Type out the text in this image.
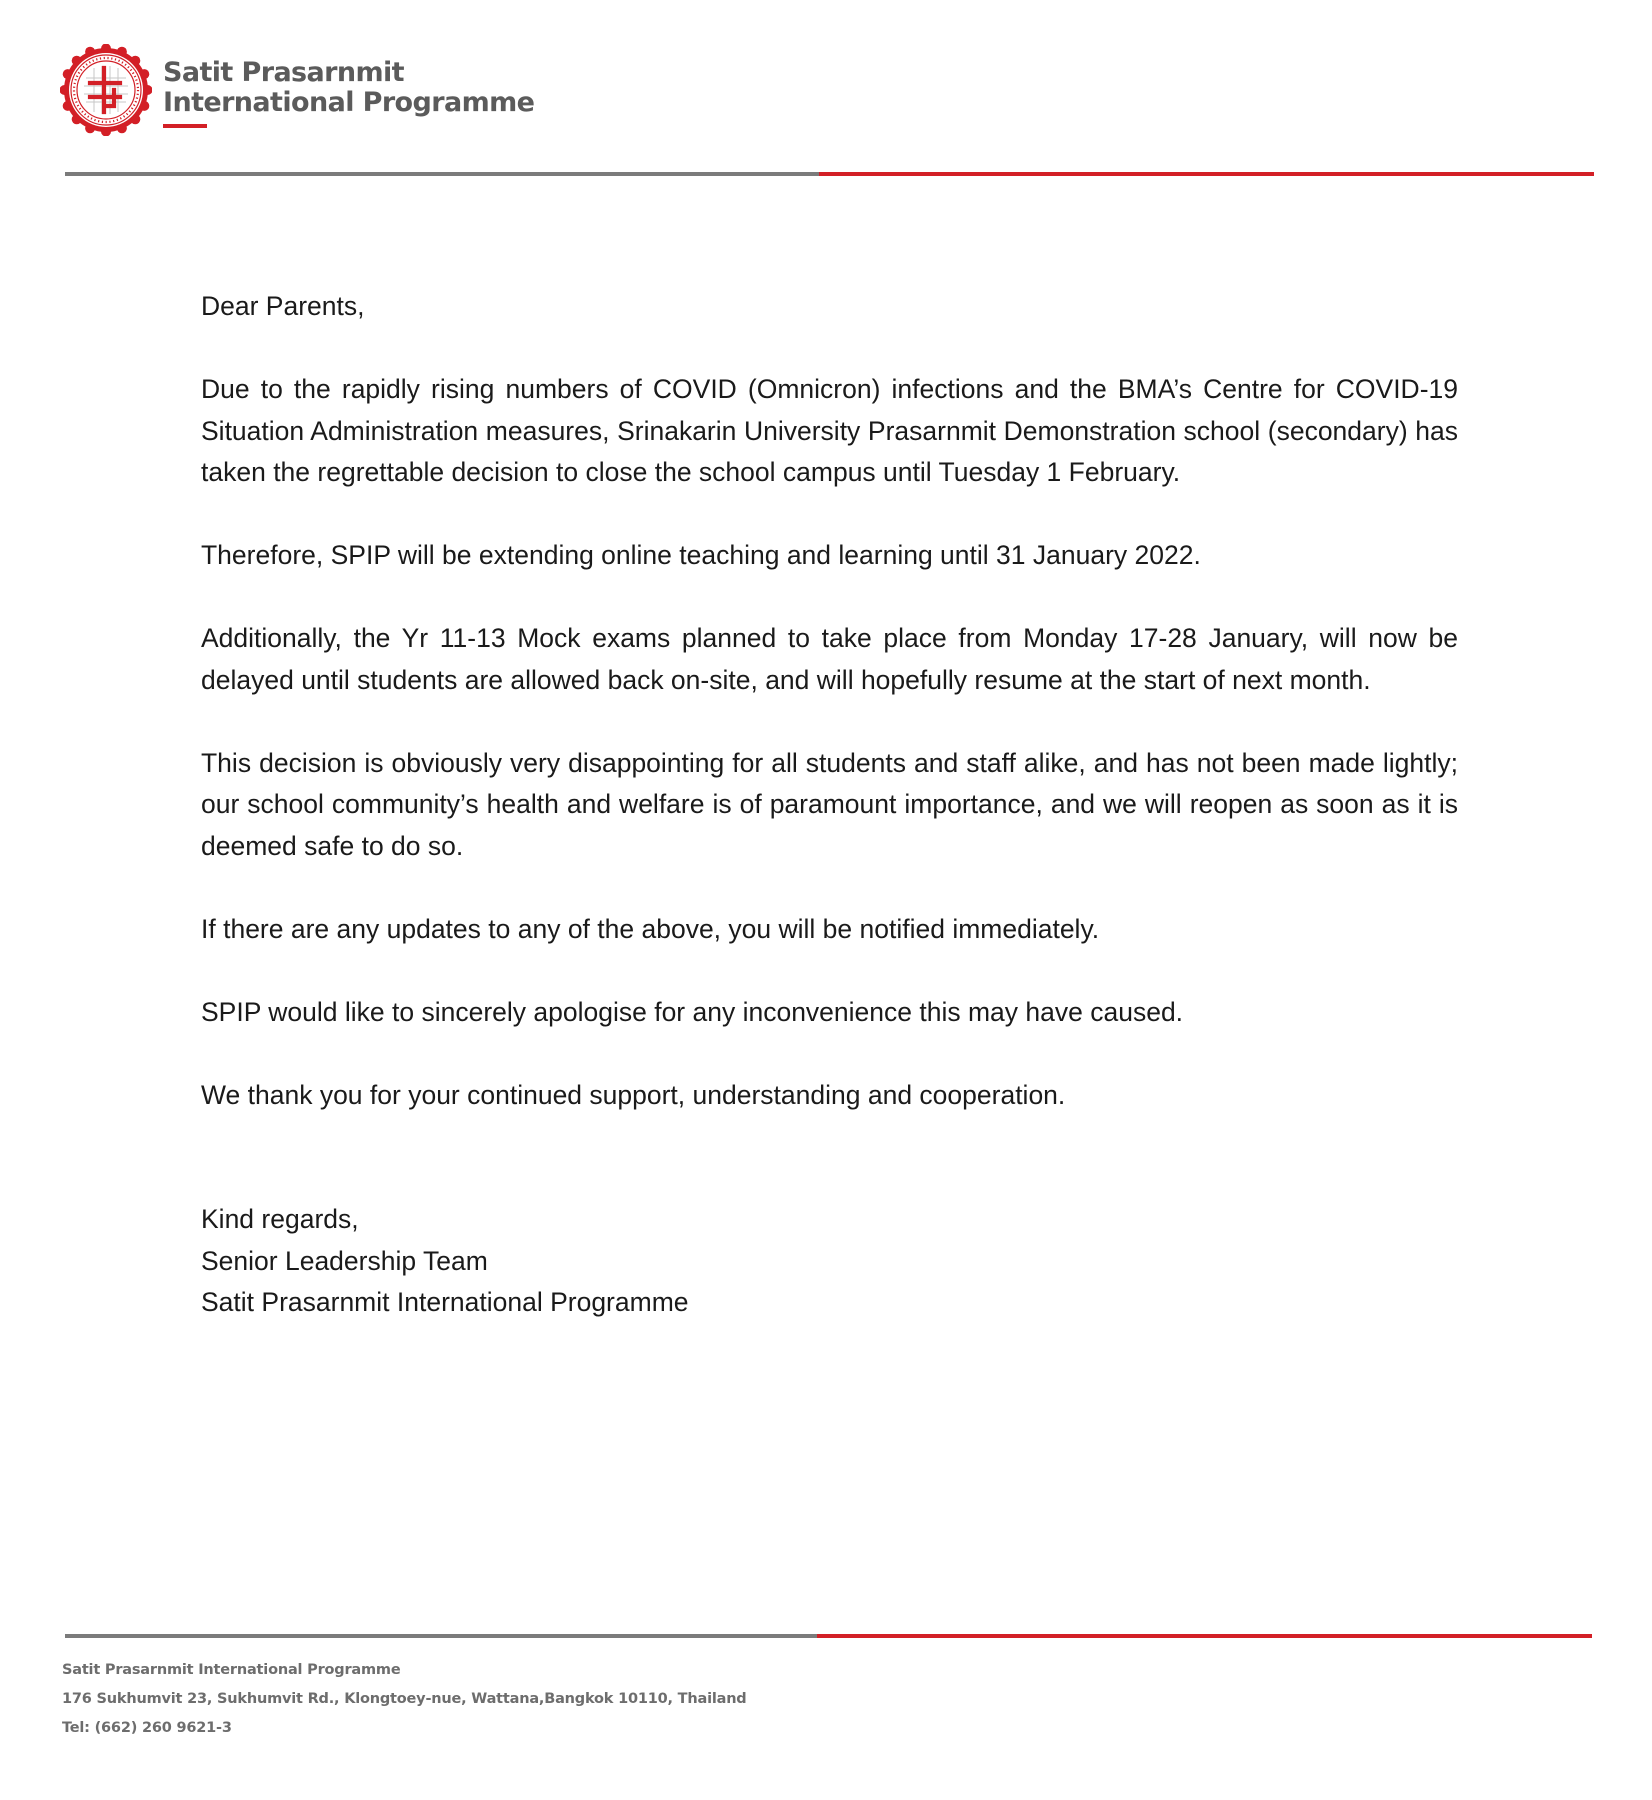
Satit Prasarnmit
International Programme

Dear Parents,

Due to the rapidly rising numbers of COVID (Omnicron) infections and the BMA’s Centre for COVID-19 Situation Administration measures, Srinakarin University Prasarnmit Demonstration school (secondary) has taken the regrettable decision to close the school campus until Tuesday 1 February.

Therefore, SPIP will be extending online teaching and learning until 31 January 2022.

Additionally, the Yr 11-13 Mock exams planned to take place from Monday 17-28 January, will now be delayed until students are allowed back on-site, and will hopefully resume at the start of next month.

This decision is obviously very disappointing for all students and staff alike, and has not been made lightly; our school community’s health and welfare is of paramount importance, and we will reopen as soon as it is deemed safe to do so.

If there are any updates to any of the above, you will be notified immediately.

SPIP would like to sincerely apologise for any inconvenience this may have caused.

We thank you for your continued support, understanding and cooperation.

Kind regards,
Senior Leadership Team
Satit Prasarnmit International Programme
Satit Prasarnmit International Programme
176 Sukhumvit 23, Sukhumvit Rd., Klongtoey-nue, Wattana,Bangkok 10110, Thailand
Tel: (662) 260 9621-3
